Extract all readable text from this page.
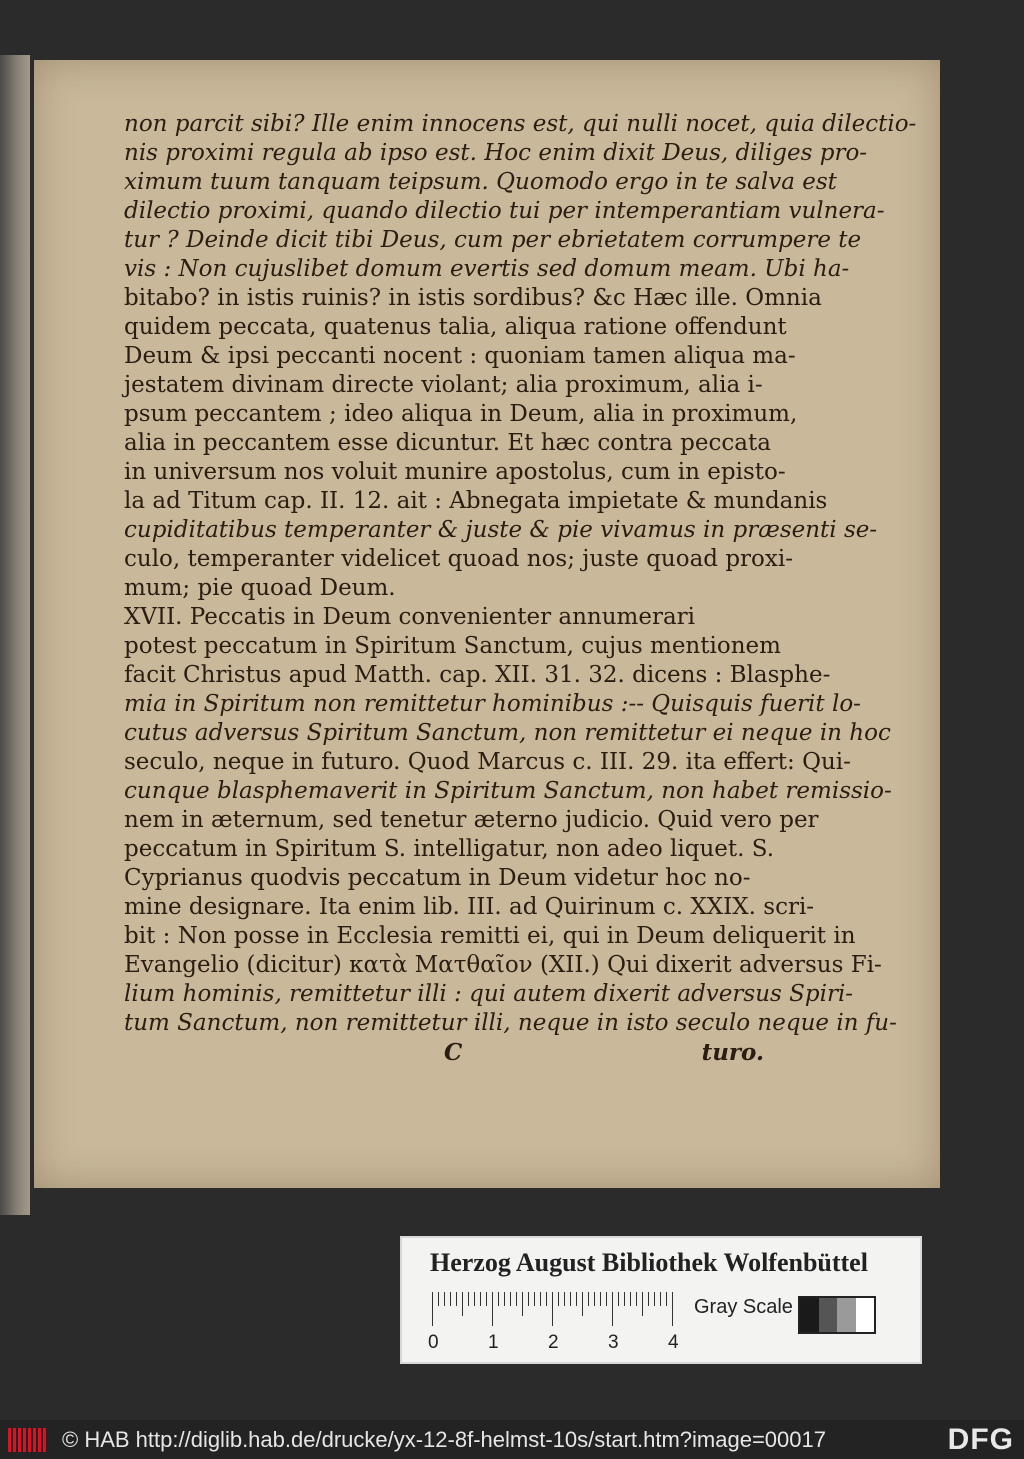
non parcit sibi? Ille enim innocens est, qui nulli nocet, quia dilectio-
nis proximi regula ab ipso est. Hoc enim dixit Deus, diliges pro-
ximum tuum tanquam teipsum. Quomodo ergo in te salva est
dilectio proximi, quando dilectio tui per intemperantiam vulnera-
tur ? Deinde dicit tibi Deus, cum per ebrietatem corrumpere te
vis : Non cujuslibet domum evertis sed domum meam. Ubi ha-
bitabo? in istis ruinis? in istis sordibus? &c Hæc ille. Omnia
quidem peccata, quatenus talia, aliqua ratione offendunt
Deum & ipsi peccanti nocent : quoniam tamen aliqua ma-
jestatem divinam directe violant; alia proximum, alia i-
psum peccantem ; ideo aliqua in Deum, alia in proximum,
alia in peccantem esse dicuntur. Et hæc contra peccata
in universum nos voluit munire apostolus, cum in episto-
la ad Titum cap. II. 12. ait : Abnegata impietate & mundanis
cupiditatibus temperanter & juste & pie vivamus in præsenti se-
culo, temperanter videlicet quoad nos; juste quoad proxi-
mum; pie quoad Deum.
XVII. Peccatis in Deum convenienter annumerari
potest peccatum in Spiritum Sanctum, cujus mentionem
facit Christus apud Matth. cap. XII. 31. 32. dicens : Blasphe-
mia in Spiritum non remittetur hominibus :-- Quisquis fuerit lo-
cutus adversus Spiritum Sanctum, non remittetur ei neque in hoc
seculo, neque in futuro. Quod Marcus c. III. 29. ita effert: Qui-
cunque blasphemaverit in Spiritum Sanctum, non habet remissio-
nem in æternum, sed tenetur æterno judicio. Quid vero per
peccatum in Spiritum S. intelligatur, non adeo liquet. S.
Cyprianus quodvis peccatum in Deum videtur hoc no-
mine designare. Ita enim lib. III. ad Quirinum c. XXIX. scri-
bit : Non posse in Ecclesia remitti ei, qui in Deum deliquerit in
Evangelio (dicitur) κατὰ Ματθαῖον (XII.) Qui dixerit adversus Fi-
lium hominis, remittetur illi : qui autem dixerit adversus Spiri-
tum Sanctum, non remittetur illi, neque in isto seculo neque in fu-
C	turo.
Herzog August Bibliothek Wolfenbüttel
0	1	2	3	4
Gray Scale
© HAB http://diglib.hab.de/drucke/yx-12-8f-helmst-10s/start.htm?image=00017	DFG
